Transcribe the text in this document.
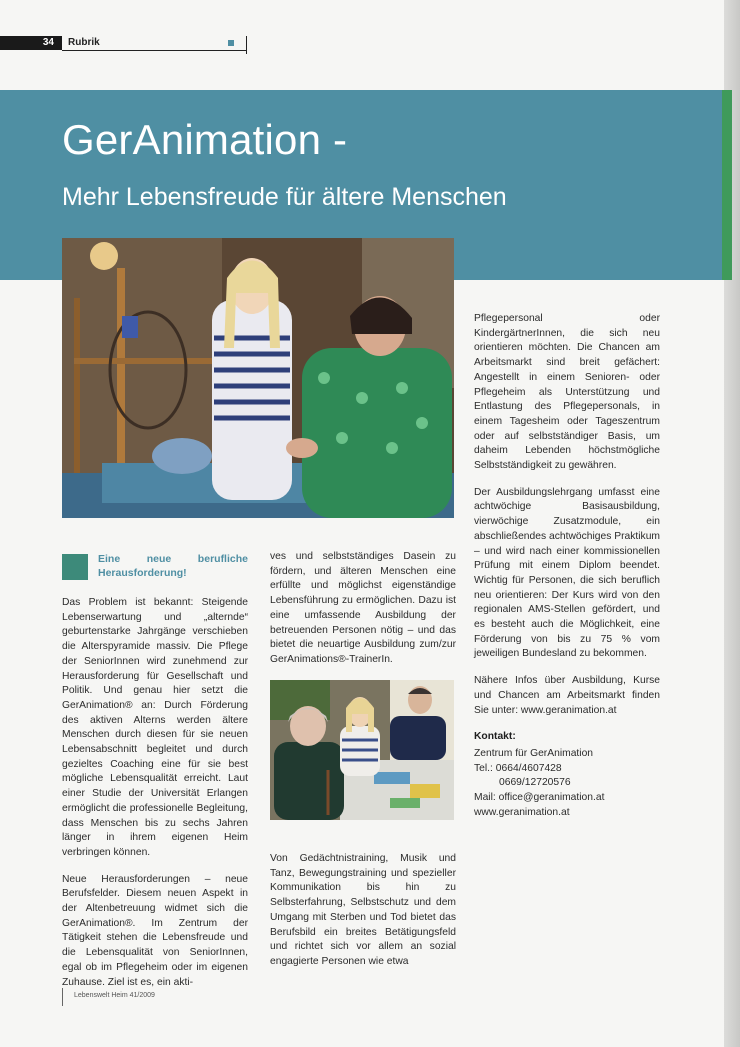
34	Rubrik
GerAnimation -
Mehr Lebensfreude für ältere Menschen
Eine neue berufliche Herausforderung!

Das Problem ist bekannt: Steigende Lebenserwartung und „alternde“ geburtenstarke Jahrgänge verschieben die Alterspyramide massiv. Die Pflege der SeniorInnen wird zunehmend zur Herausforderung für Gesellschaft und Politik. Und genau hier setzt die GerAnimation® an: Durch Förderung des aktiven Alterns werden ältere Menschen durch diesen für sie neuen Lebensabschnitt begleitet und durch gezieltes Coaching eine für sie best mögliche Lebensqualität erreicht. Laut einer Studie der Universität Erlangen ermöglicht die professionelle Begleitung, dass Menschen bis zu sechs Jahren länger in ihrem eigenen Heim verbringen können.

Neue Herausforderungen – neue Berufsfelder. Diesem neuen Aspekt in der Altenbetreuung widmet sich die GerAnimation®. Im Zentrum der Tätigkeit stehen die Lebensfreude und die Lebensqualität von SeniorInnen, egal ob im Pflegeheim oder im eigenen Zuhause. Ziel ist es, ein akti-

ves und selbstständiges Dasein zu fördern, und älteren Menschen eine erfüllte und möglichst eigenständige Lebensführung zu ermöglichen. Dazu ist eine umfassende Ausbildung der betreuenden Personen nötig – und das bietet die neuartige Ausbildung zum/zur GerAnimations®-TrainerIn.

Von Gedächtnistraining, Musik und Tanz, Bewegungstraining und spezieller Kommunikation bis hin zu Selbsterfahrung, Selbstschutz und dem Umgang mit Sterben und Tod bietet das Berufsbild ein breites Betätigungsfeld und richtet sich vor allem an sozial engagierte Personen wie etwa

Pflegepersonal oder KindergärtnerInnen, die sich neu orientieren möchten. Die Chancen am Arbeitsmarkt sind breit gefächert: Angestellt in einem Senioren- oder Pflegeheim als Unterstützung und Entlastung des Pflegepersonals, in einem Tagesheim oder Tageszentrum oder auf selbstständiger Basis, um daheim Lebenden höchstmögliche Selbstständigkeit zu gewähren.

Der Ausbildungslehrgang umfasst eine achtwöchige Basisausbildung, vierwöchige Zusatzmodule, ein abschließendes achtwöchiges Praktikum – und wird nach einer kommissionellen Prüfung mit einem Diplom beendet. Wichtig für Personen, die sich beruflich neu orientieren: Der Kurs wird von den regionalen AMS-Stellen gefördert, und es besteht auch die Möglichkeit, eine Förderung von bis zu 75 % vom jeweiligen Bundesland zu bekommen.

Nähere Infos über Ausbildung, Kurse und Chancen am Arbeitsmarkt finden Sie unter: www.geranimation.at

Kontakt:
Zentrum für GerAnimation
Tel.: 0664/4607428
0669/12720576
Mail: office@geranimation.at
www.geranimation.at
Lebenswelt Heim 41/2009
